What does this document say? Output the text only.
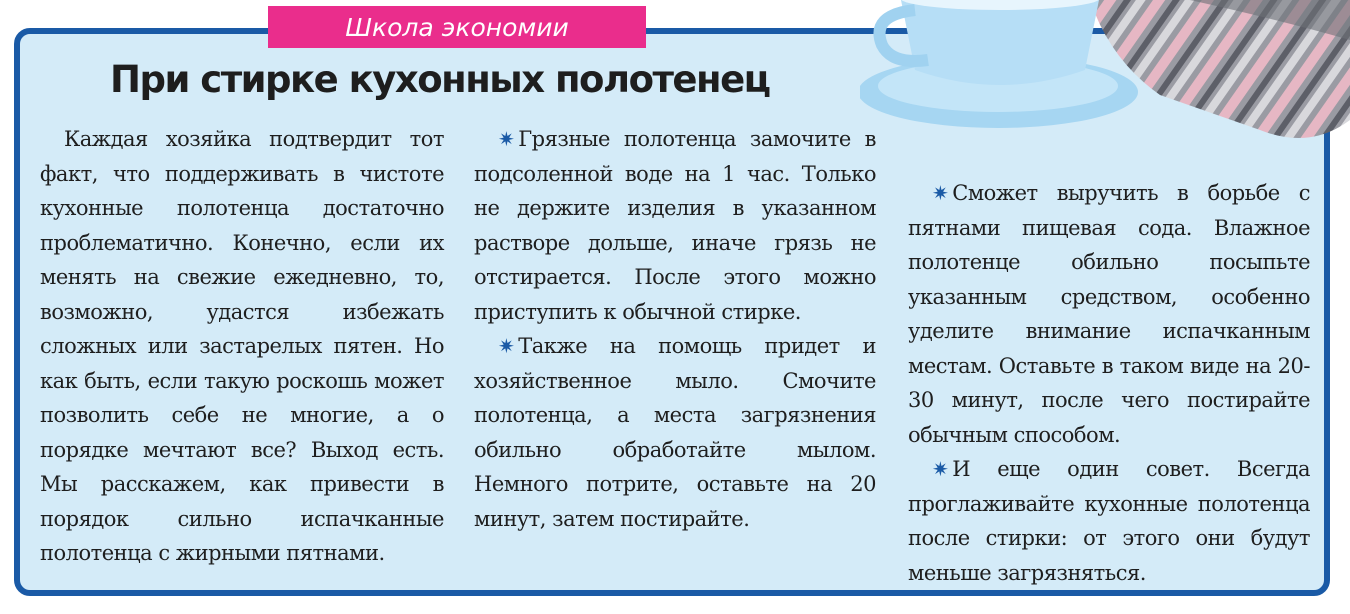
Школа экономии
При стирке кухонных полотенец

Каждая хозяйка подтвердит тот факт, что поддерживать в чистоте кухонные полотенца достаточно проблематично. Конечно, если их менять на свежие ежедневно, то, возможно, удастся избежать сложных или застарелых пятен. Но как быть, если такую роскошь может позволить себе не многие, а о порядке мечтают все? Выход есть. Мы расскажем, как привести в порядок сильно испачканные полотенца с жирными пятнами.

✷ Грязные полотенца замочите в подсоленной воде на 1 час. Только не держите изделия в указанном растворе дольше, иначе грязь не отстирается. После этого можно приступить к обычной стирке.

✷ Также на помощь придет и хозяйственное мыло. Смочите полотенца, а места загрязнения обильно обработайте мылом. Немного потрите, оставьте на 20 минут, затем постирайте.

✷ Сможет выручить в борьбе с пятнами пищевая сода. Влажное полотенце обильно посыпьте указанным средством, особенно уделите внимание испачканным местам. Оставьте в таком виде на 20-30 минут, после чего постирайте обычным способом.

✷ И еще один совет. Всегда проглаживайте кухонные полотенца после стирки: от этого они будут меньше загрязняться.
